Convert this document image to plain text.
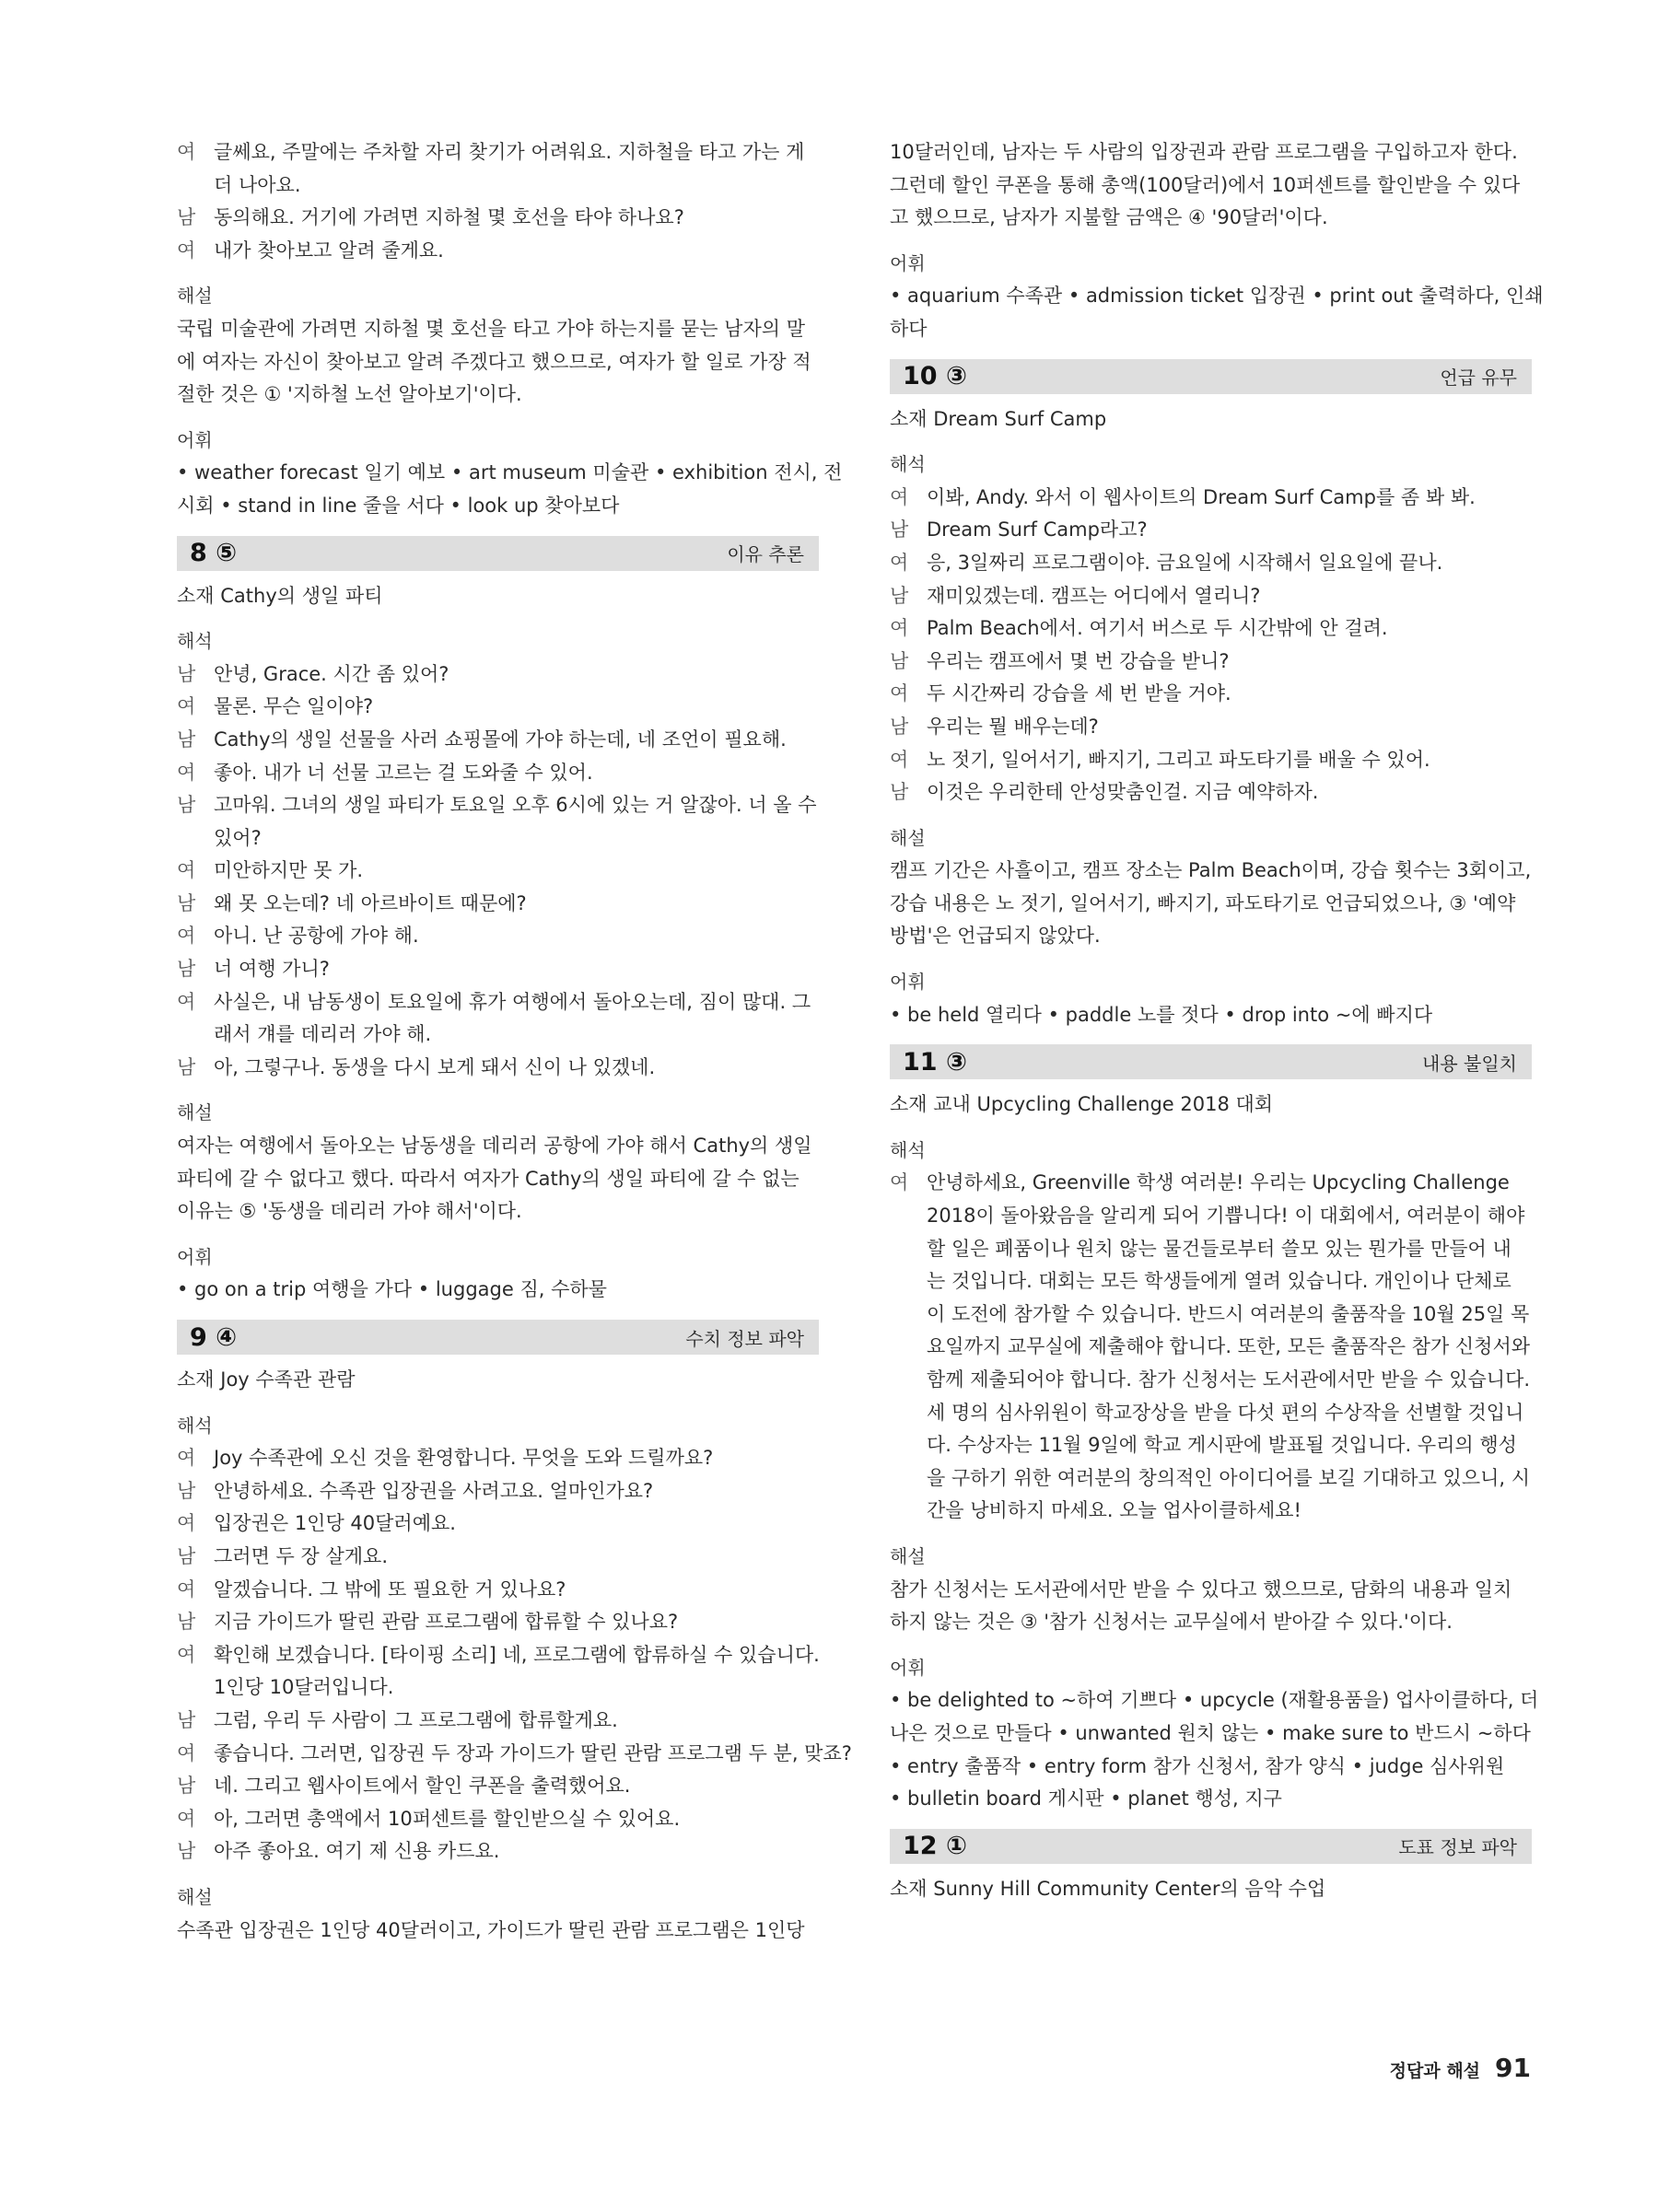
여 글쎄요, 주말에는 주차할 자리 찾기가 어려워요. 지하철을 타고 가는 게
더 나아요.
남 동의해요. 거기에 가려면 지하철 몇 호선을 타야 하나요?
여 내가 찾아보고 알려 줄게요.
해설
국립 미술관에 가려면 지하철 몇 호선을 타고 가야 하는지를 묻는 남자의 말
에 여자는 자신이 찾아보고 알려 주겠다고 했으므로, 여자가 할 일로 가장 적
절한 것은 ① '지하철 노선 알아보기'이다.
어휘
• weather forecast 일기 예보 • art museum 미술관 • exhibition 전시, 전
시회 • stand in line 줄을 서다 • look up 찾아보다
8 ⑤	이유 추론
소재 Cathy의 생일 파티
해석
남 안녕, Grace. 시간 좀 있어?
여 물론. 무슨 일이야?
남 Cathy의 생일 선물을 사러 쇼핑몰에 가야 하는데, 네 조언이 필요해.
여 좋아. 내가 너 선물 고르는 걸 도와줄 수 있어.
남 고마워. 그녀의 생일 파티가 토요일 오후 6시에 있는 거 알잖아. 너 올 수
있어?
여 미안하지만 못 가.
남 왜 못 오는데? 네 아르바이트 때문에?
여 아니. 난 공항에 가야 해.
남 너 여행 가니?
여 사실은, 내 남동생이 토요일에 휴가 여행에서 돌아오는데, 짐이 많대. 그
래서 걔를 데리러 가야 해.
남 아, 그렇구나. 동생을 다시 보게 돼서 신이 나 있겠네.
해설
여자는 여행에서 돌아오는 남동생을 데리러 공항에 가야 해서 Cathy의 생일
파티에 갈 수 없다고 했다. 따라서 여자가 Cathy의 생일 파티에 갈 수 없는
이유는 ⑤ '동생을 데리러 가야 해서'이다.
어휘
• go on a trip 여행을 가다 • luggage 짐, 수하물
9 ④	수치 정보 파악
소재 Joy 수족관 관람
해석
여 Joy 수족관에 오신 것을 환영합니다. 무엇을 도와 드릴까요?
남 안녕하세요. 수족관 입장권을 사려고요. 얼마인가요?
여 입장권은 1인당 40달러예요.
남 그러면 두 장 살게요.
여 알겠습니다. 그 밖에 또 필요한 거 있나요?
남 지금 가이드가 딸린 관람 프로그램에 합류할 수 있나요?
여 확인해 보겠습니다. [타이핑 소리] 네, 프로그램에 합류하실 수 있습니다.
1인당 10달러입니다.
남 그럼, 우리 두 사람이 그 프로그램에 합류할게요.
여 좋습니다. 그러면, 입장권 두 장과 가이드가 딸린 관람 프로그램 두 분, 맞죠?
남 네. 그리고 웹사이트에서 할인 쿠폰을 출력했어요.
여 아, 그러면 총액에서 10퍼센트를 할인받으실 수 있어요.
남 아주 좋아요. 여기 제 신용 카드요.
해설
수족관 입장권은 1인당 40달러이고, 가이드가 딸린 관람 프로그램은 1인당
10달러인데, 남자는 두 사람의 입장권과 관람 프로그램을 구입하고자 한다.
그런데 할인 쿠폰을 통해 총액(100달러)에서 10퍼센트를 할인받을 수 있다
고 했으므로, 남자가 지불할 금액은 ④ '90달러'이다.
어휘
• aquarium 수족관 • admission ticket 입장권 • print out 출력하다, 인쇄
하다
10 ③	언급 유무
소재 Dream Surf Camp
해석
여 이봐, Andy. 와서 이 웹사이트의 Dream Surf Camp를 좀 봐 봐.
남 Dream Surf Camp라고?
여 응, 3일짜리 프로그램이야. 금요일에 시작해서 일요일에 끝나.
남 재미있겠는데. 캠프는 어디에서 열리니?
여 Palm Beach에서. 여기서 버스로 두 시간밖에 안 걸려.
남 우리는 캠프에서 몇 번 강습을 받니?
여 두 시간짜리 강습을 세 번 받을 거야.
남 우리는 뭘 배우는데?
여 노 젓기, 일어서기, 빠지기, 그리고 파도타기를 배울 수 있어.
남 이것은 우리한테 안성맞춤인걸. 지금 예약하자.
해설
캠프 기간은 사흘이고, 캠프 장소는 Palm Beach이며, 강습 횟수는 3회이고,
강습 내용은 노 젓기, 일어서기, 빠지기, 파도타기로 언급되었으나, ③ '예약
방법'은 언급되지 않았다.
어휘
• be held 열리다 • paddle 노를 젓다 • drop into ~에 빠지다
11 ③	내용 불일치
소재 교내 Upcycling Challenge 2018 대회
해석
여 안녕하세요, Greenville 학생 여러분! 우리는 Upcycling Challenge
2018이 돌아왔음을 알리게 되어 기쁩니다! 이 대회에서, 여러분이 해야
할 일은 폐품이나 원치 않는 물건들로부터 쓸모 있는 뭔가를 만들어 내
는 것입니다. 대회는 모든 학생들에게 열려 있습니다. 개인이나 단체로
이 도전에 참가할 수 있습니다. 반드시 여러분의 출품작을 10월 25일 목
요일까지 교무실에 제출해야 합니다. 또한, 모든 출품작은 참가 신청서와
함께 제출되어야 합니다. 참가 신청서는 도서관에서만 받을 수 있습니다.
세 명의 심사위원이 학교장상을 받을 다섯 편의 수상작을 선별할 것입니
다. 수상자는 11월 9일에 학교 게시판에 발표될 것입니다. 우리의 행성
을 구하기 위한 여러분의 창의적인 아이디어를 보길 기대하고 있으니, 시
간을 낭비하지 마세요. 오늘 업사이클하세요!
해설
참가 신청서는 도서관에서만 받을 수 있다고 했으므로, 담화의 내용과 일치
하지 않는 것은 ③ '참가 신청서는 교무실에서 받아갈 수 있다.'이다.
어휘
• be delighted to ~하여 기쁘다 • upcycle (재활용품을) 업사이클하다, 더
나은 것으로 만들다 • unwanted 원치 않는 • make sure to 반드시 ~하다
• entry 출품작 • entry form 참가 신청서, 참가 양식 • judge 심사위원
• bulletin board 게시판 • planet 행성, 지구
12 ①	도표 정보 파악
소재 Sunny Hill Community Center의 음악 수업
정답과 해설 91
